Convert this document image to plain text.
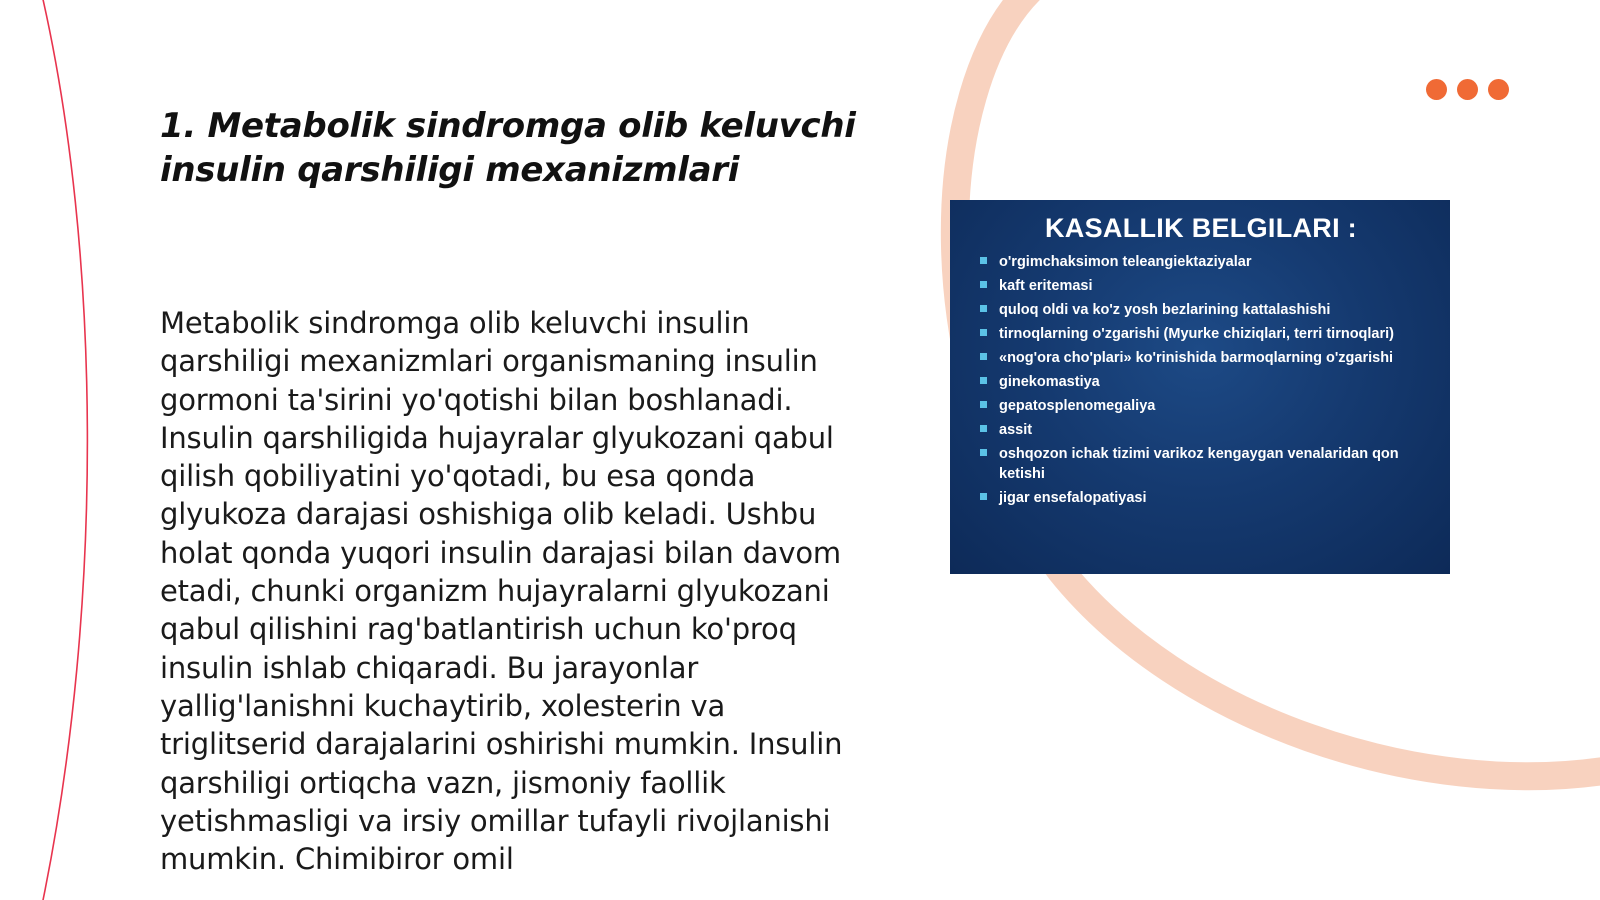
1. Metabolik sindromga olib keluvchi insulin qarshiligi mexanizmlari

Metabolik sindromga olib keluvchi insulin qarshiligi mexanizmlari organismaning insulin gormoni ta'sirini yo'qotishi bilan boshlanadi. Insulin qarshiligida hujayralar glyukozani qabul qilish qobiliyatini yo'qotadi, bu esa qonda glyukoza darajasi oshishiga olib keladi. Ushbu holat qonda yuqori insulin darajasi bilan davom etadi, chunki organizm hujayralarni glyukozani qabul qilishini rag'batlantirish uchun ko'proq insulin ishlab chiqaradi. Bu jarayonlar yallig'lanishni kuchaytirib, xolesterin va triglitserid darajalarini oshirishi mumkin. Insulin qarshiligi ortiqcha vazn, jismoniy faollik yetishmasligi va irsiy omillar tufayli rivojlanishi mumkin. Chimibiror omil

KASALLIK BELGILARI :
o'rgimchaksimon teleangiektaziyalar
kaft eritemasi
quloq oldi va ko'z yosh bezlarining kattalashishi
tirnoqlarning o'zgarishi (Myurke chiziqlari, terri tirnoqlari)
«nog'ora cho'plari» ko'rinishida barmoqlarning o'zgarishi
ginekomastiya
gepatosplenomegaliya
assit
oshqozon ichak tizimi varikoz kengaygan venalaridan qon ketishi
jigar ensefalopatiyasi
